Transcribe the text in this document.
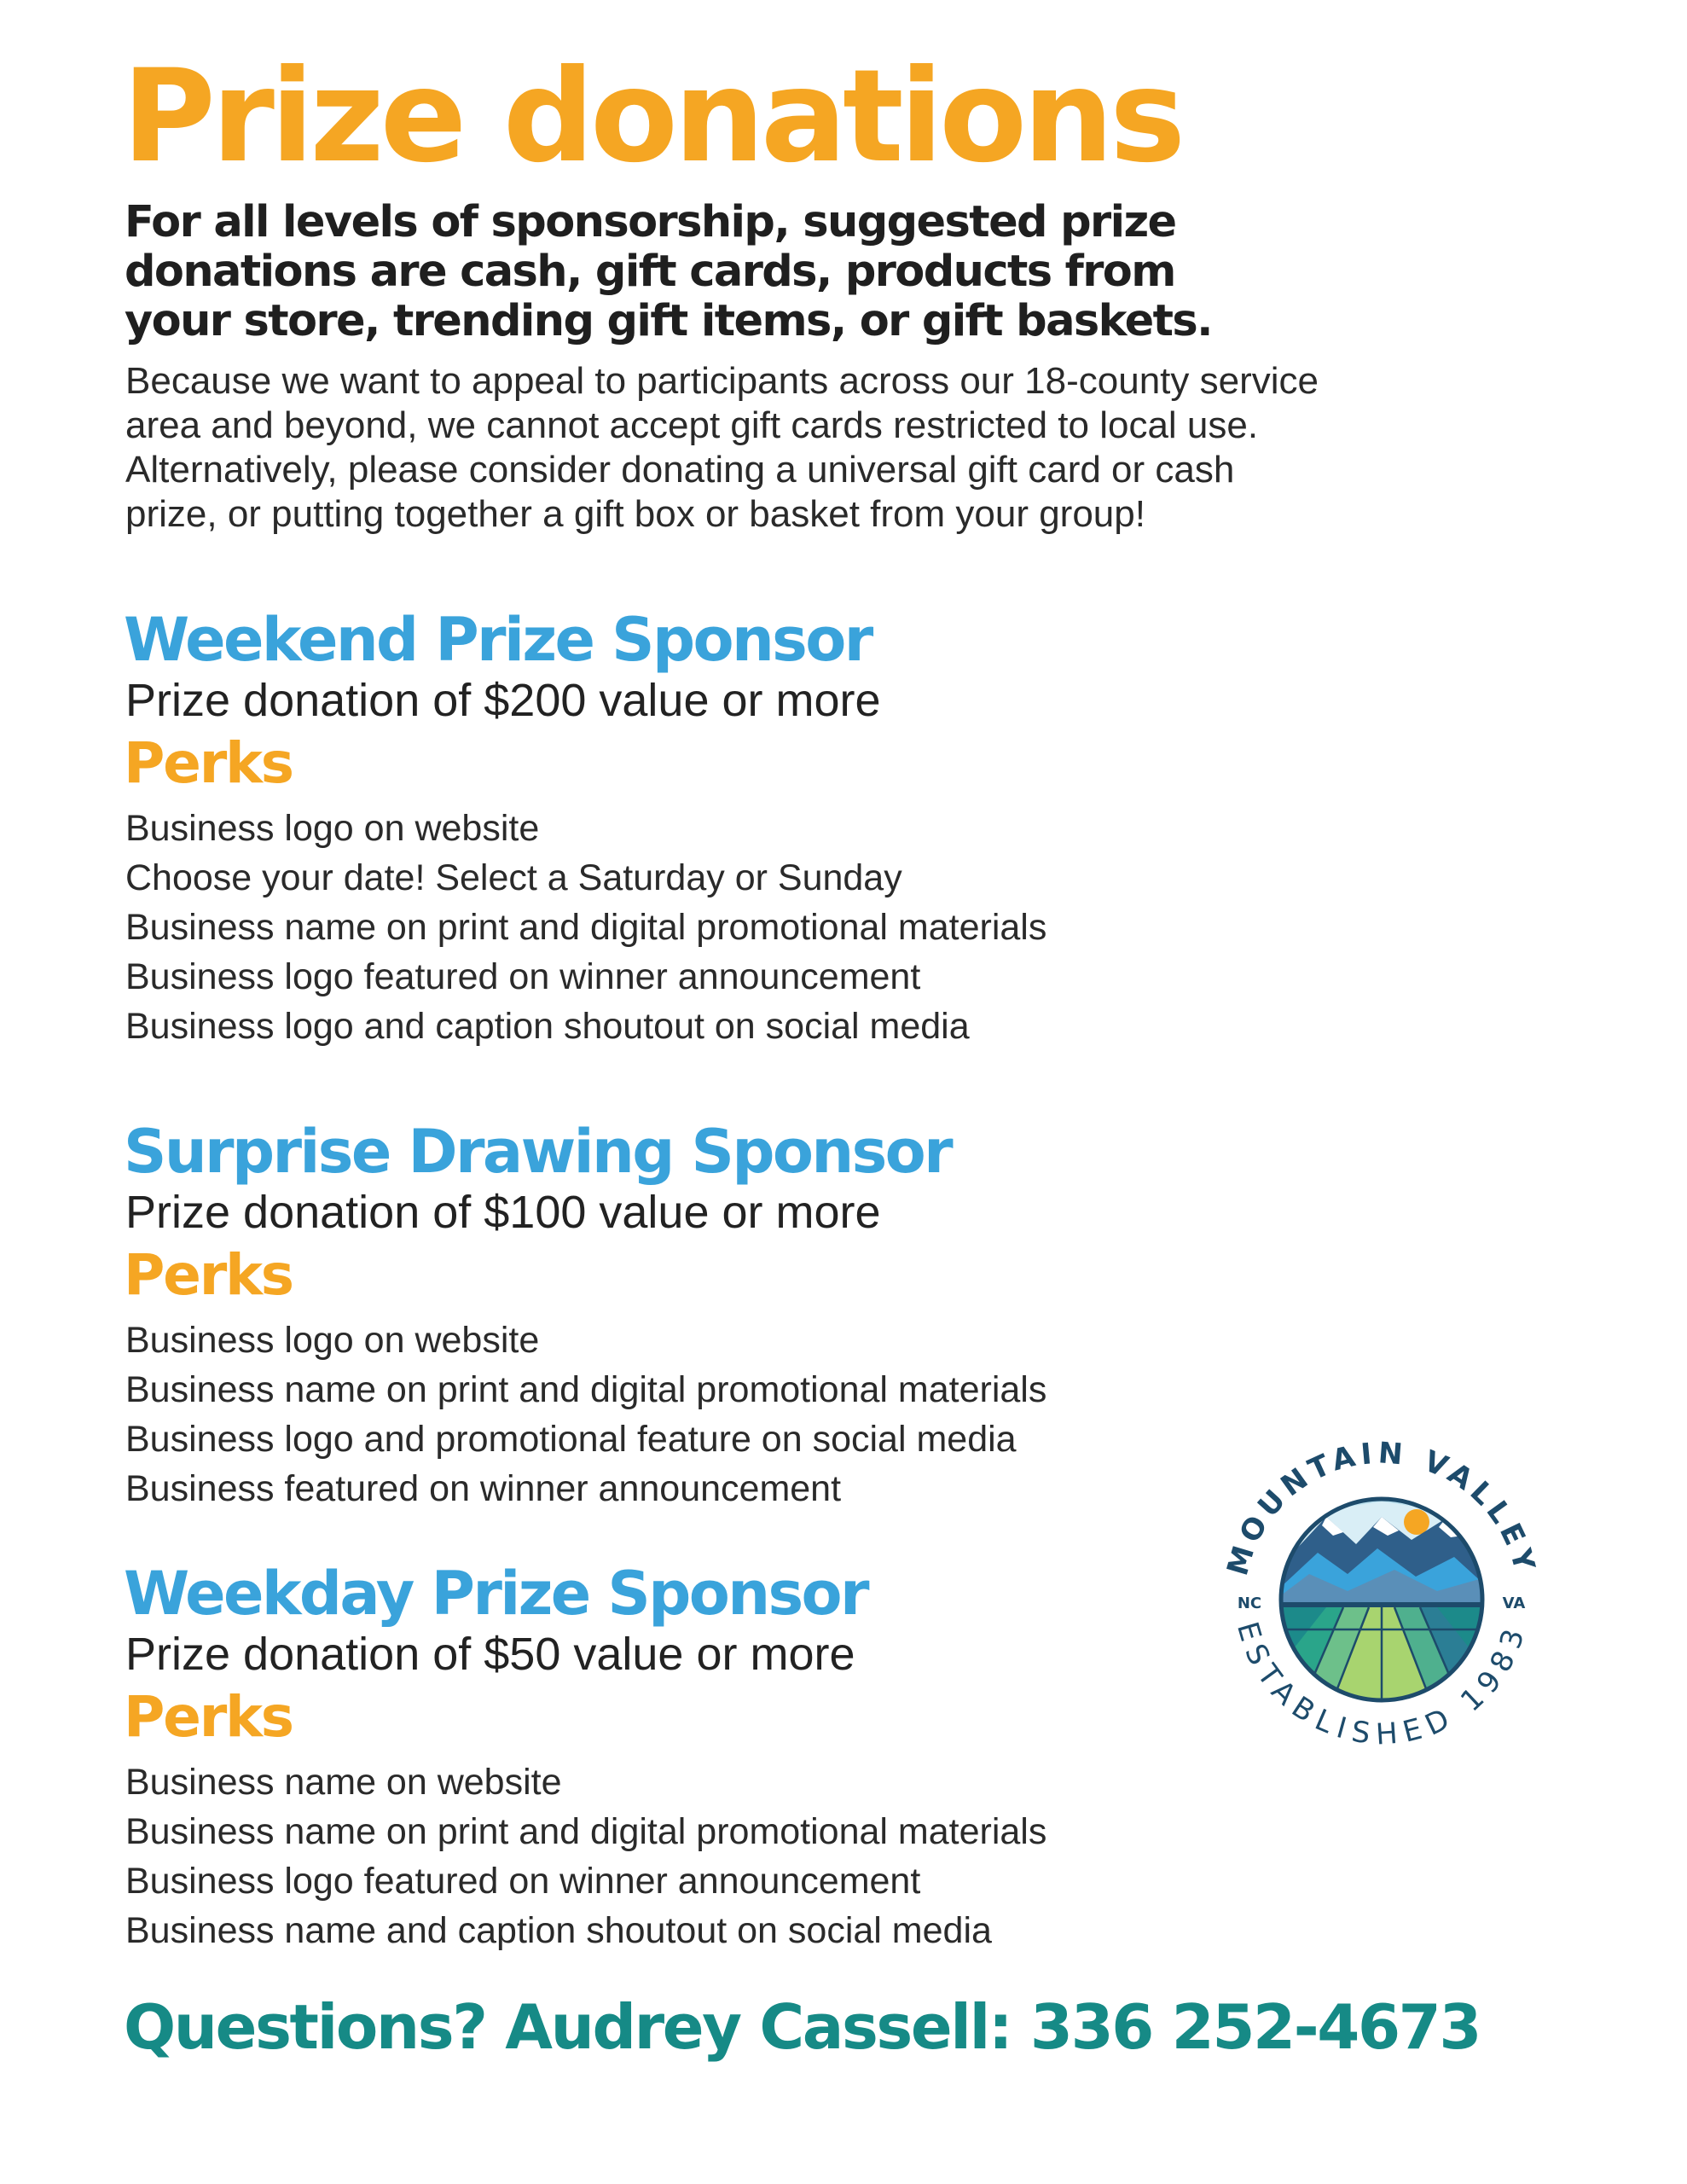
Prize donations
For all levels of sponsorship, suggested prize
donations are cash, gift cards, products from
your store, trending gift items, or gift baskets.
Because we want to appeal to participants across our 18-county service
area and beyond, we cannot accept gift cards restricted to local use.
Alternatively, please consider donating a universal gift card or cash
prize, or putting together a gift box or basket from your group!
Weekend Prize Sponsor

Prize donation of $200 value or more

Perks
Business logo on website
Choose your date! Select a Saturday or Sunday
Business name on print and digital promotional materials
Business logo featured on winner announcement
Business logo and caption shoutout on social media
Surprise Drawing Sponsor

Prize donation of $100 value or more

Perks
Business logo on website
Business name on print and digital promotional materials
Business logo and promotional feature on social media
Business featured on winner announcement
Weekday Prize Sponsor

Prize donation of $50 value or more

Perks
Business name on website
Business name on print and digital promotional materials
Business logo featured on winner announcement
Business name and caption shoutout on social media
MOUNTAIN VALLEY
ESTABLISHED 1983
NC	VA

Questions? Audrey Cassell: 336 252-4673
